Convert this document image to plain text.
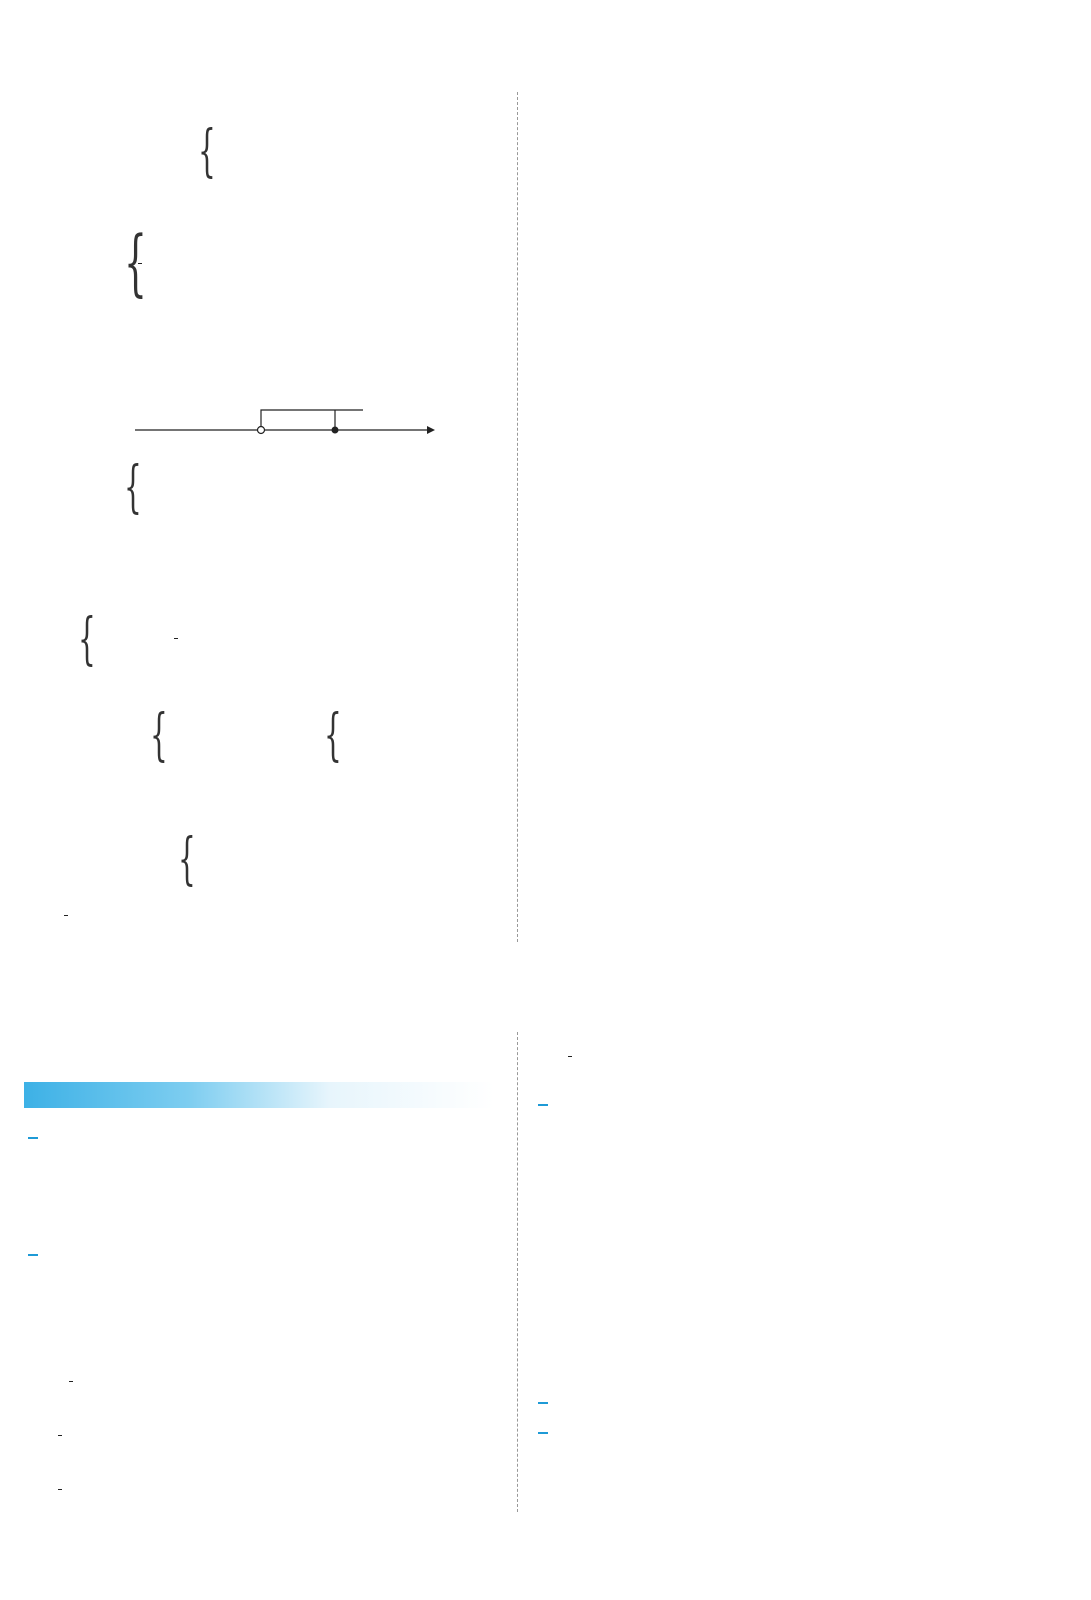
{

{

{
{

{	{
{
